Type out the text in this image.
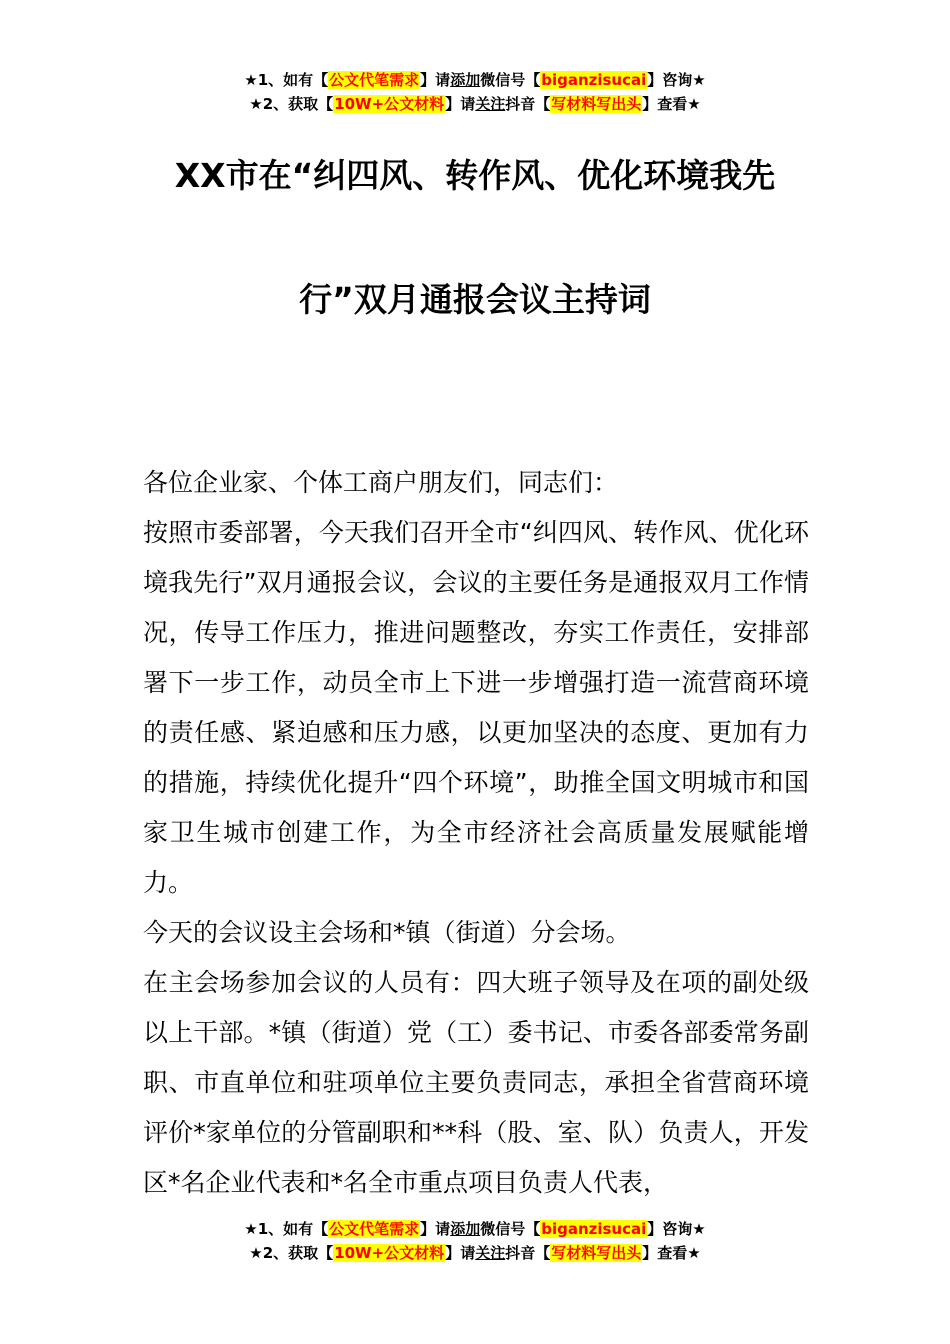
★1、如有【公文代笔需求】请添加微信号【biganzisucai】咨询★
★2、获取【10W+公文材料】请关注抖音【写材料写出头】查看★
XX市在“纠四风、转作风、优化环境我先
行”双月通报会议主持词

各位企业家、个体工商户朋友们，同志们：

按照市委部署，今天我们召开全市“纠四风、转作风、优化环境我先行”双月通报会议，会议的主要任务是通报双月工作情况，传导工作压力，推进问题整改，夯实工作责任，安排部署下一步工作，动员全市上下进一步增强打造一流营商环境的责任感、紧迫感和压力感，以更加坚决的态度、更加有力的措施，持续优化提升“四个环境”，助推全国文明城市和国家卫生城市创建工作，为全市经济社会高质量发展赋能增力。

今天的会议设主会场和*镇（街道）分会场。

在主会场参加会议的人员有：四大班子领导及在项的副处级以上干部。*镇（街道）党（工）委书记、市委各部委常务副职、市直单位和驻项单位主要负责同志，承担全省营商环境评价*家单位的分管副职和**科（股、室、队）负责人，开发区*名企业代表和*名全市重点项目负责人代表，

★1、如有【公文代笔需求】请添加微信号【biganzisucai】咨询★
★2、获取【10W+公文材料】请关注抖音【写材料写出头】查看★
